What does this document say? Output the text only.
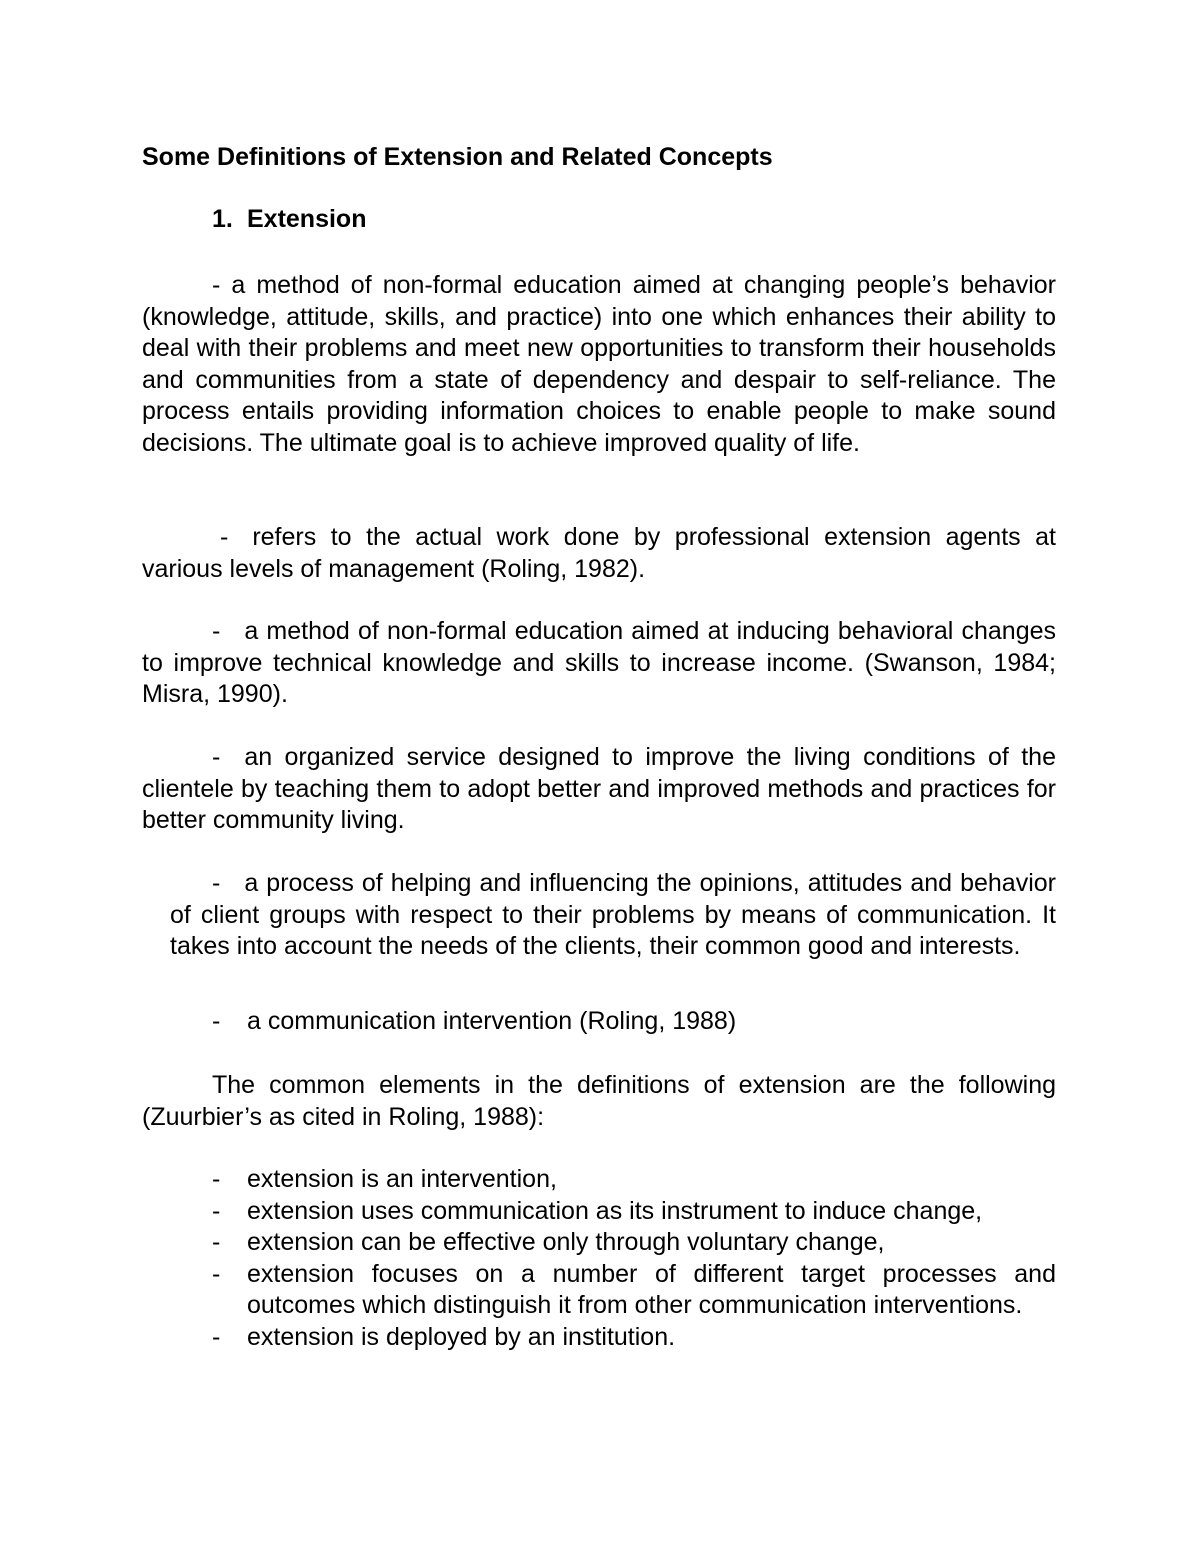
Some Definitions of Extension and Related Concepts
1. Extension

- a method of non-formal education aimed at changing people’s behavior (knowledge, attitude, skills, and practice) into one which enhances their ability to deal with their problems and meet new opportunities to transform their households and communities from a state of dependency and despair to self-reliance. The process entails providing information choices to enable people to make sound decisions. The ultimate goal is to achieve improved quality of life.

- refers to the actual work done by professional extension agents at various levels of management (Roling, 1982).

- a method of non-formal education aimed at inducing behavioral changes to improve technical knowledge and skills to increase income. (Swanson, 1984; Misra, 1990).

- an organized service designed to improve the living conditions of the clientele by teaching them to adopt better and improved methods and practices for better community living.

- a process of helping and influencing the opinions, attitudes and behavior of client groups with respect to their problems by means of communication. It takes into account the needs of the clients, their common good and interests.

- a communication intervention (Roling, 1988)

The common elements in the definitions of extension are the following (Zuurbier’s as cited in Roling, 1988):

- extension is an intervention,
- extension uses communication as its instrument to induce change,
- extension can be effective only through voluntary change,
- extension focuses on a number of different target processes and outcomes which distinguish it from other communication interventions.
- extension is deployed by an institution.
